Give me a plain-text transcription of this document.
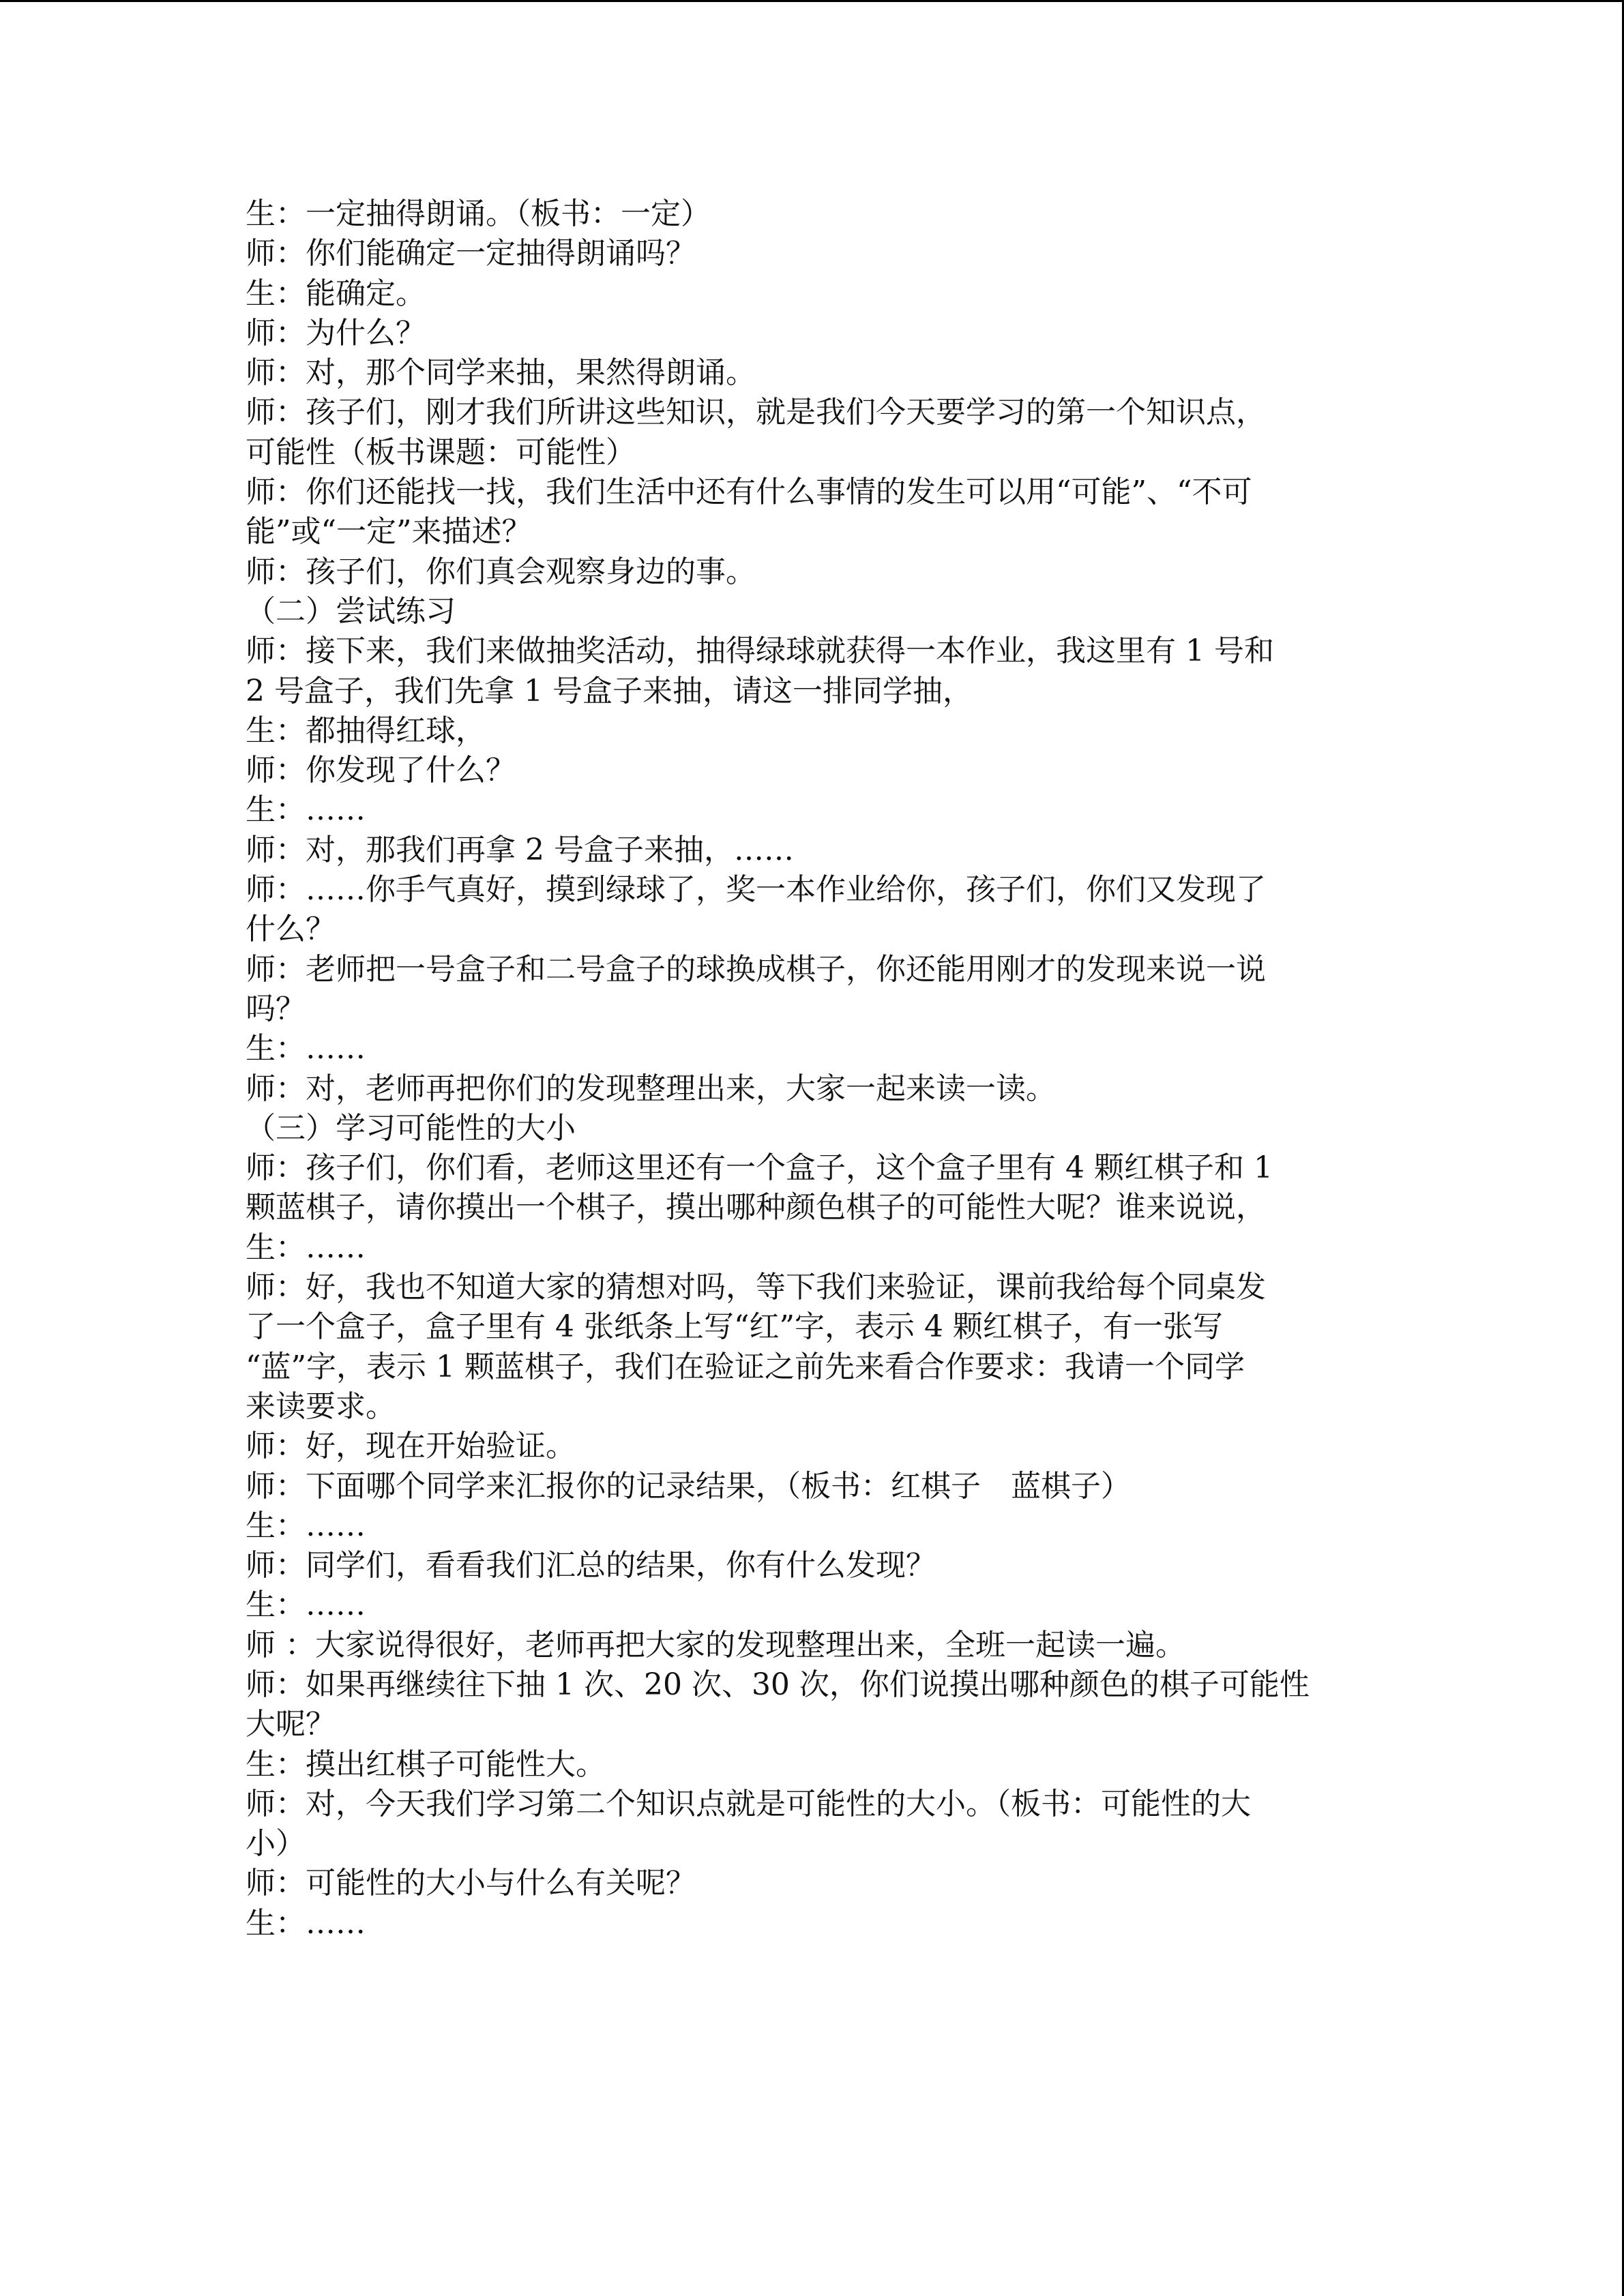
生：一定抽得朗诵。（板书：一定）
师：你们能确定一定抽得朗诵吗？
生：能确定。
师：为什么？
师：对，那个同学来抽，果然得朗诵。
师：孩子们，刚才我们所讲这些知识，就是我们今天要学习的第一个知识点，
可能性（板书课题：可能性）
师：你们还能找一找，我们生活中还有什么事情的发生可以用“可能”、“不可
能”或“一定”来描述？
师：孩子们，你们真会观察身边的事。
（二）尝试练习
师：接下来，我们来做抽奖活动，抽得绿球就获得一本作业，我这里有 1 号和
2 号盒子，我们先拿 1 号盒子来抽，请这一排同学抽，
生：都抽得红球，
师：你发现了什么？
生：……
师：对，那我们再拿 2 号盒子来抽，……
师：……你手气真好，摸到绿球了，奖一本作业给你，孩子们，你们又发现了
什么？
师：老师把一号盒子和二号盒子的球换成棋子，你还能用刚才的发现来说一说
吗？
生：……
师：对，老师再把你们的发现整理出来，大家一起来读一读。
（三）学习可能性的大小
师：孩子们，你们看，老师这里还有一个盒子，这个盒子里有 4 颗红棋子和 1
颗蓝棋子，请你摸出一个棋子，摸出哪种颜色棋子的可能性大呢？谁来说说，
生：……
师：好，我也不知道大家的猜想对吗，等下我们来验证，课前我给每个同桌发
了一个盒子，盒子里有 4 张纸条上写“红”字，表示 4 颗红棋子，有一张写
“蓝”字，表示 1 颗蓝棋子，我们在验证之前先来看合作要求：我请一个同学
来读要求。
师：好，现在开始验证。
师：下面哪个同学来汇报你的记录结果，（板书：红棋子　蓝棋子）
生：……
师：同学们，看看我们汇总的结果，你有什么发现？
生：……
师 ：大家说得很好，老师再把大家的发现整理出来，全班一起读一遍。
师：如果再继续往下抽 1 次、20 次、30 次，你们说摸出哪种颜色的棋子可能性
大呢？
生：摸出红棋子可能性大。
师：对，今天我们学习第二个知识点就是可能性的大小。（板书：可能性的大
小）
师：可能性的大小与什么有关呢？
生：……
